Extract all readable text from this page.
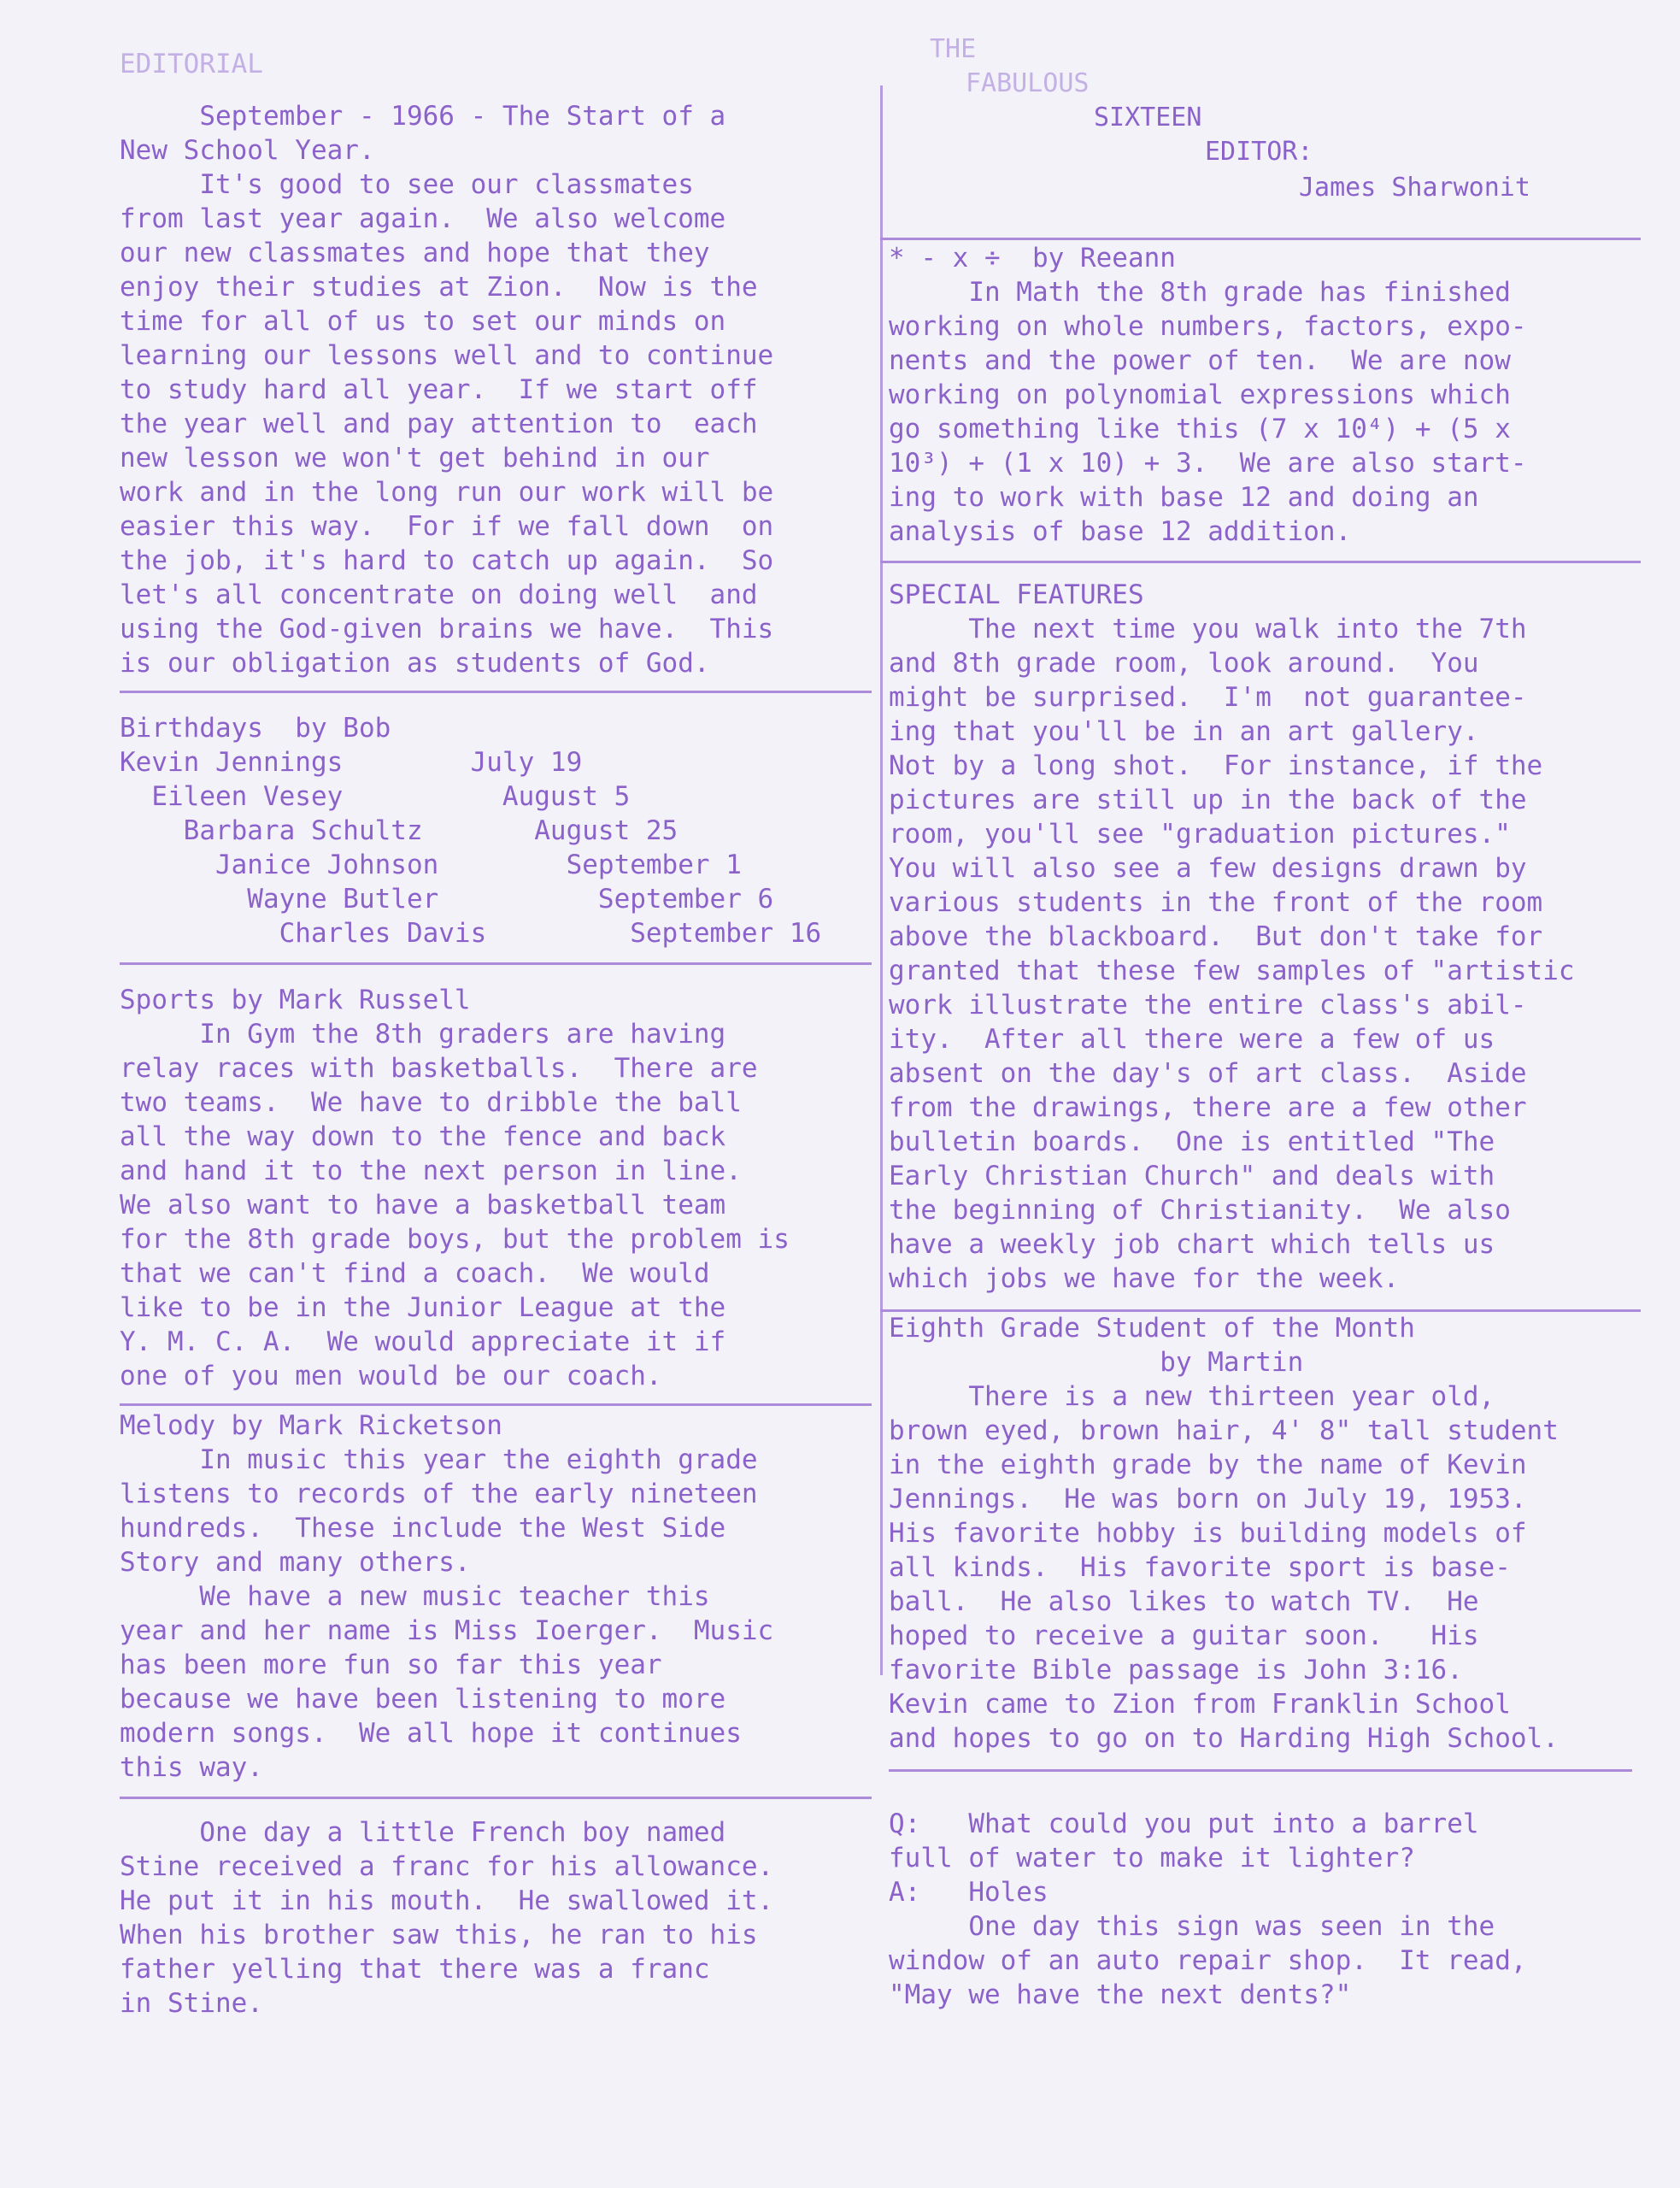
EDITORIAL
September - 1966 - The Start of a
New School Year.
It's good to see our classmates
from last year again.  We also welcome
our new classmates and hope that they
enjoy their studies at Zion.  Now is the
time for all of us to set our minds on
learning our lessons well and to continue
to study hard all year.  If we start off
the year well and pay attention to  each
new lesson we won't get behind in our
work and in the long run our work will be
easier this way.  For if we fall down  on
the job, it's hard to catch up again.  So
let's all concentrate on doing well  and
using the God-given brains we have.  This
is our obligation as students of God.
Birthdays  by Bob
Kevin Jennings        July 19
Eileen Vesey          August 5
Barbara Schultz       August 25
Janice Johnson        September 1
Wayne Butler          September 6
Charles Davis         September 16
Sports by Mark Russell
In Gym the 8th graders are having
relay races with basketballs.  There are
two teams.  We have to dribble the ball
all the way down to the fence and back
and hand it to the next person in line.
We also want to have a basketball team
for the 8th grade boys, but the problem is
that we can't find a coach.  We would
like to be in the Junior League at the
Y. M. C. A.  We would appreciate it if
one of you men would be our coach.
Melody by Mark Ricketson
In music this year the eighth grade
listens to records of the early nineteen
hundreds.  These include the West Side
Story and many others.
We have a new music teacher this
year and her name is Miss Ioerger.  Music
has been more fun so far this year
because we have been listening to more
modern songs.  We all hope it continues
this way.
One day a little French boy named
Stine received a franc for his allowance.
He put it in his mouth.  He swallowed it.
When his brother saw this, he ran to his
father yelling that there was a franc
in Stine.
THE
FABULOUS
SIXTEEN
EDITOR:
James Sharwonit
* - x ÷  by Reeann
In Math the 8th grade has finished
working on whole numbers, factors, expo-
nents and the power of ten.  We are now
working on polynomial expressions which
go something like this (7 x 10⁴) + (5 x
10³) + (1 x 10) + 3.  We are also start-
ing to work with base 12 and doing an
analysis of base 12 addition.
SPECIAL FEATURES
The next time you walk into the 7th
and 8th grade room, look around.  You
might be surprised.  I'm  not guarantee-
ing that you'll be in an art gallery.
Not by a long shot.  For instance, if the
pictures are still up in the back of the
room, you'll see "graduation pictures."
You will also see a few designs drawn by
various students in the front of the room
above the blackboard.  But don't take for
granted that these few samples of "artistic
work illustrate the entire class's abil-
ity.  After all there were a few of us
absent on the day's of art class.  Aside
from the drawings, there are a few other
bulletin boards.  One is entitled "The
Early Christian Church" and deals with
the beginning of Christianity.  We also
have a weekly job chart which tells us
which jobs we have for the week.
Eighth Grade Student of the Month
by Martin
There is a new thirteen year old,
brown eyed, brown hair, 4' 8" tall student
in the eighth grade by the name of Kevin
Jennings.  He was born on July 19, 1953.
His favorite hobby is building models of
all kinds.  His favorite sport is base-
ball.  He also likes to watch TV.  He
hoped to receive a guitar soon.   His
favorite Bible passage is John 3:16.
Kevin came to Zion from Franklin School
and hopes to go on to Harding High School.
Q:   What could you put into a barrel
full of water to make it lighter?
A:   Holes
One day this sign was seen in the
window of an auto repair shop.  It read,
"May we have the next dents?"
